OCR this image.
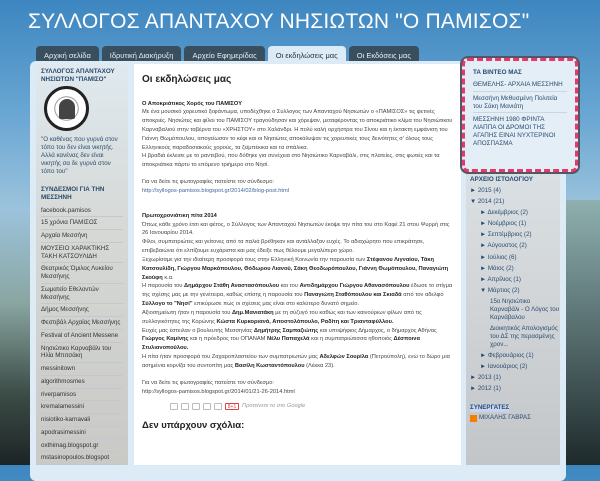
ΣΥΛΛΟΓΟΣ ΑΠΑΝΤΑΧΟΥ ΝΗΣΙΩΤΩΝ "Ο ΠΑΜΙΣΟΣ"
Αρχική σελίδα	Ιδρυτική Διακήρυξη	Αρχείο Εφημερίδας	Οι εκδηλώσεις μας	Οι Εκδόσεις μας
ΣΥΛΛΟΓΟΣ ΑΠΑΝΤΑΧΟΥ ΝΗΣΙΩΤΩΝ "ΠΑΜΙΣΟ"
"Ο καθένας που γυρνά στον τόπο του δεν είναι νικητής. Αλλά κανένας δεν είναι νικητής σα δε γυρνά στον τόπο του"
ΣΥΝΔΕΣΜΟΙ ΓΙΑ ΤΗΝ ΜΕΣΣΗΝΗ
facebook.pamisos
15 χρόνια ΠΑΜΙΣΟΣ
Αρχαία Μεσσήνη
ΜΟΥΣΕΙΟ ΧΑΡΑΚΤΙΚΗΣ ΤΑΚΗ ΚΑΤΣΟΥΛΙΔΗ
Θεατρικός Όμιλος Λυκείου Μεσσήνης
Σωματείο Εθελοντών Μεσσήνης
Δήμος Μεσσήνης
Φεστιβάλ Αρχαίας Μεσσήνης
Festival of Ancient Messene
Νησιώτικο Καρναβάλι του Ηλία Μπιτσάκη
messinitown
algorithmosmes
riverpamisos
kremalamessini
nisiotiko-karnavali
apodrasimessini
oxthimag.blogspot.gr
mstasinopoulos.blogspot
Οι εκδηλώσεις μας
Ο Αποκριάτικος Χορός του ΠΑΜΙΣΟΥ
Με ένα μουσικό χορευτικό ξεφάντωμα, υποδέχθηκε ο Σύλλογος των Απανταχού Νησιωτών ο «ΠΑΜΙΣΟΣ» τις φετινές αποκριές. Νησιώτες και φίλοι του ΠΑΜΙΣΟΥ τραγούδησαν και χόρεψαν, μεταφέροντας το αποκριάτικο κλίμα του Νησιώτικου Καρναβαλιού στην ταβέρνα του «ΧΡΗΣΤΟΥ» στο Χαλάνδρι. Η πολύ καλή ορχήστρα του Σίνου και η έκτακτη εμφάνιση του Γιάννη Θωμόπουλου, απογείωσαν το κέφι και οι Νησιώτες αποκάλυψαν τις χορευτικές τους δεινότητες σ' όλους τους Ελληνικούς παραδοσιακούς χορούς, τα ζεϊμπέκικα και τα σπάλικα.
Η βραδιά έκλεισε με το ραντεβού, που δόθηκε για συνέχεια στο Νησιώτικο Καρναβάλι, στις πλατείες, στις φωτιές και τα αποκριάτικα πάρτυ το επόμενο τριήμερο στο Νησί.
Για να δείτε τις φωτογραφίες πατείστε τον σύνδεσμο:
http://syllogos-pamisos.blogspot.gr/2014/02/blog-post.html
Πρωτοχρονιάτικη πίτα 2014
Όπως κάθε χρόνο έτσι και φέτος, ο Σύλλογος των Απανταχού Νησιωτών έκοψε την πίτα του στο Καφέ 21 στου Ψυρρή στις 26 Ιανουαρίου 2014.
Φίλοι, συμπατριώτες και γείτονες από τα παλιά βρέθηκαν και αντάλλαξαν ευχές. Το αδιαχώρητο που επικράτησε, επιβεβαιώνει ότι ελπίζουμε ευχάριστα και μας έδειξε πως θέλουμε μεγαλύτερο χώρο.
Ξεχωρίσαμε για την ιδιαίτερη προσφορά τους στην Ελληνική Κοινωνία την παρουσία των Στέφανου Λιγναίου, Τάκη Κατσουλίδη, Γιώργου Μαρκόπουλου, Θόδωρου Λιανού, Σάκη Θεοδωρόπουλου, Γιάννη Θωμόπουλου, Παναγιώτη Σκούφη κ.α.
Η παρουσία του Δημάρχου Στάθη Αναστασόπουλου και του Αντιδημάρχου Γιώργου Αθανασόπουλου έδωσε το στίγμα της σχέσης μας με την γενέτειρα, καθώς επίσης η παρουσία του Παναγιώτη Σταθόπουλου και Σκιαδά από τον αδελφό Σύλλογο το "Νησί" επικύρωσε πως οι σχέσεις μας είναι στο καλύτερο δυνατό σημείο.
Αξιοσημείωτη ήταν η παρουσία του Δημ.Μανιατάκη με τη σύζυγό του καθώς και των καινούριων φίλων από τις συλλογικότητες της Κορώνης Κώστα Κυρκοριανά, Αποστολόπουλο, Ραδίτη και Τριανταφύλλου.
Ευχές μας έστειλαν ο βουλευτής Μεσσηνίας Δημήτρης Σαμπαζιώτης και υποψήφιος Δήμαρχος, ο δήμαρχος Αθήνας Γιώργος Καμίνης και η πρόεδρος του ΟΠΑΝΑΜ Νέλυ Παπαχελά και η συμπατριώτισσα ηθοποιός Δέσποινα Στυλιανοπούλου.
Η πίτα ήταν προσφορά του Ζαχαροπλαστείου των συμπατριωτών μας Αδελφών Σουρίλα (Πετρούπολη), ενώ το δώρο μια ασημένια κορνίζα του συντοπίτη μας Βασίλη Κωσταντόπουλου (Λέκκα 23).
Για να δείτε τις φωτογραφίες πατείστε τον σύνδεσμο:
http://syllogos-pamisos.blogspot.gr/2014/01/21-26-2014.html
8+1	Προτείνετε το στο Google
Δεν υπάρχουν σχόλια:
ΤΑ ΒΙΝΤΕΟ ΜΑΣ
ΘΕΜΕΛΗΣ- ΑΡΧΑΙΑ ΜΕΣΣΗΝΗ
Μεσσήνη Μεθυσμένη Πολιτεία του Σάκη Μανιάτη
ΜΕΣΣΗΝΗ 1980 ΦΡΙΝΤΑ ΛΙΑΠΠΑ ΟΙ ΔΡΟΜΟΙ ΤΗΣ ΑΓΑΠΗΣ ΕΙΝΑΙ ΝΥΧΤΕΡΙΝΟΙ ΑΠΟΣΠΑΣΜΑ
ΑΡΧΕΙΟ ΙΣΤΟΛΟΓΙΟΥ
► 2015 (4)
▼ 2014 (21)
► Δεκέμβριος (2)
► Νοέμβριος (1)
► Σεπτέμβριος (2)
► Αύγουστος (2)
► Ιούλιος (6)
► Μάιος (2)
► Απρίλιος (1)
▼ Μάρτιος (2)
15ο Νησιώτικο Καρναβάλι - Ο Λόγος του Καρνάβαλου
Διοικητικός Απολογισμός του ΔΣ της περασμένης χρον...
► Φεβρουάριος (1)
► Ιανουάριος (2)
► 2013 (1)
► 2012 (1)
ΣΥΝΕΡΓΑΤΕΣ
ΜΙΧΑΛΗΣ ΓΑΒΡΑΣ
